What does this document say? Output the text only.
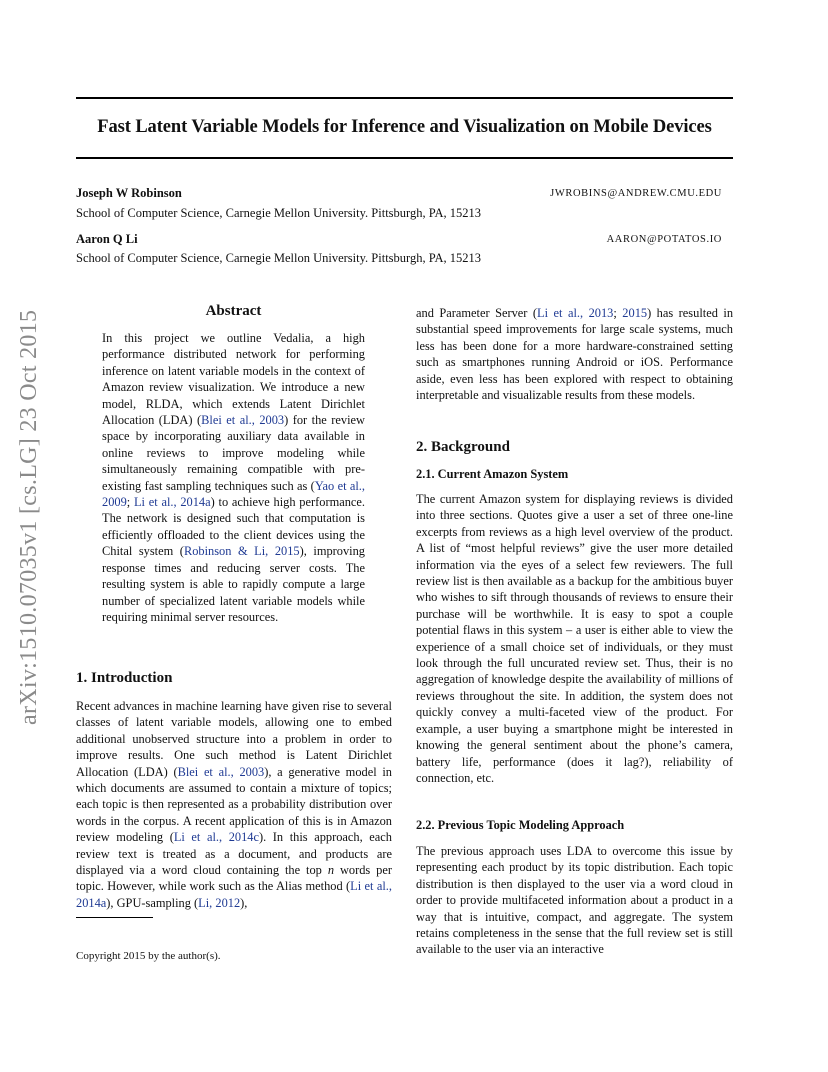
Fast Latent Variable Models for Inference and Visualization on Mobile Devices
Joseph W Robinson	JWROBINS@ANDREW.CMU.EDU
School of Computer Science, Carnegie Mellon University. Pittsburgh, PA, 15213
Aaron Q Li	AARON@POTATOS.IO
School of Computer Science, Carnegie Mellon University. Pittsburgh, PA, 15213
arXiv:1510.07035v1 [cs.LG] 23 Oct 2015	Abstract

In this project we outline Vedalia, a high performance distributed network for performing inference on latent variable models in the context of Amazon review visualization. We introduce a new model, RLDA, which extends Latent Dirichlet Allocation (LDA) (Blei et al., 2003) for the review space by incorporating auxiliary data available in online reviews to improve modeling while simultaneously remaining compatible with pre-existing fast sampling techniques such as (Yao et al., 2009; Li et al., 2014a) to achieve high performance. The network is designed such that computation is efficiently offloaded to the client devices using the Chital system (Robinson & Li, 2015), improving response times and reducing server costs. The resulting system is able to rapidly compute a large number of specialized latent variable models while requiring minimal server resources.

1. Introduction

Recent advances in machine learning have given rise to several classes of latent variable models, allowing one to embed additional unobserved structure into a problem in order to improve results. One such method is Latent Dirichlet Allocation (LDA) (Blei et al., 2003), a generative model in which documents are assumed to contain a mixture of topics; each topic is then represented as a probability distribution over words in the corpus. A recent application of this is in Amazon review modeling (Li et al., 2014c). In this approach, each review text is treated as a document, and products are displayed via a word cloud containing the top n words per topic. However, while work such as the Alias method (Li et al., 2014a), GPU-sampling (Li, 2012),

Copyright 2015 by the author(s).

and Parameter Server (Li et al., 2013; 2015) has resulted in substantial speed improvements for large scale systems, much less has been done for a more hardware-constrained setting such as smartphones running Android or iOS. Performance aside, even less has been explored with respect to obtaining interpretable and visualizable results from these models.

2. Background
2.1. Current Amazon System

The current Amazon system for displaying reviews is divided into three sections. Quotes give a user a set of three one-line excerpts from reviews as a high level overview of the product. A list of “most helpful reviews” give the user more detailed information via the eyes of a select few reviewers. The full review list is then available as a backup for the ambitious buyer who wishes to sift through thousands of reviews to ensure their purchase will be worthwhile. It is easy to spot a couple potential flaws in this system – a user is either able to view the experience of a small choice set of individuals, or they must look through the full uncurated review set. Thus, their is no aggregation of knowledge despite the availability of millions of reviews throughout the site. In addition, the system does not quickly convey a multi-faceted view of the product. For example, a user buying a smartphone might be interested in knowing the general sentiment about the phone’s camera, battery life, performance (does it lag?), reliability of connection, etc.

2.2. Previous Topic Modeling Approach

The previous approach uses LDA to overcome this issue by representing each product by its topic distribution. Each topic distribution is then displayed to the user via a word cloud in order to provide multifaceted information about a product in a way that is intuitive, compact, and aggregate. The system retains completeness in the sense that the full review set is still available to the user via an interactive
